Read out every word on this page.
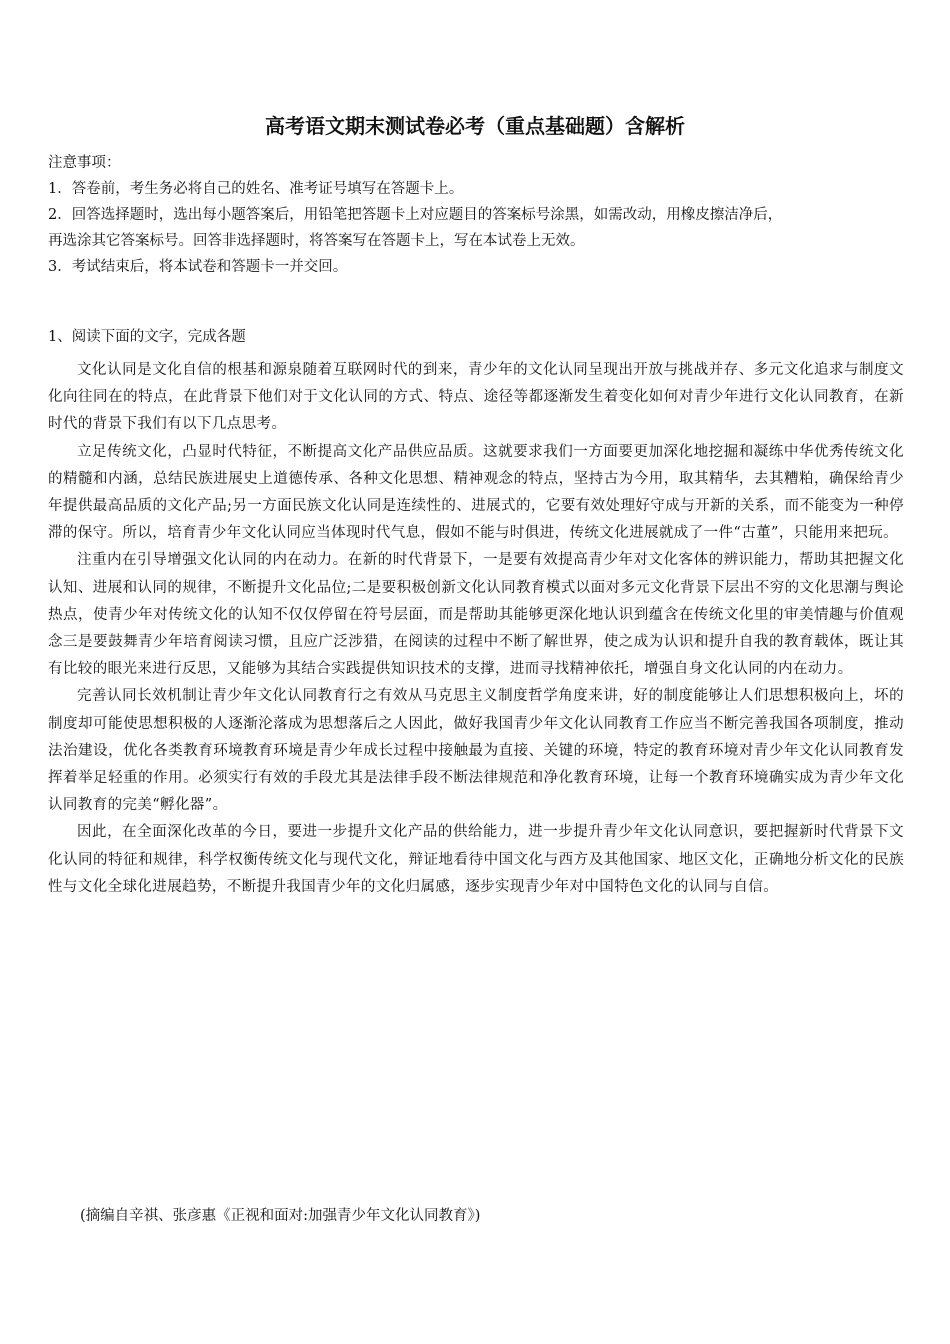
高考语文期末测试卷必考（重点基础题）含解析
注意事项：
1．答卷前，考生务必将自己的姓名、准考证号填写在答题卡上。
2．回答选择题时，选出每小题答案后，用铅笔把答题卡上对应题目的答案标号涂黑，如需改动，用橡皮擦洁净后，
再选涂其它答案标号。回答非选择题时，将答案写在答题卡上，写在本试卷上无效。
3．考试结束后，将本试卷和答题卡一并交回。
1、阅读下面的文字，完成各题

文化认同是文化自信的根基和源泉随着互联网时代的到来，青少年的文化认同呈现出开放与挑战并存、多元文化追求与制度文化向往同在的特点，在此背景下他们对于文化认同的方式、特点、途径等都逐渐发生着变化如何对青少年进行文化认同教育，在新时代的背景下我们有以下几点思考。

立足传统文化，凸显时代特征，不断提高文化产品供应品质。这就要求我们一方面要更加深化地挖掘和凝练中华优秀传统文化的精髓和内涵，总结民族进展史上道德传承、各种文化思想、精神观念的特点，坚持古为今用，取其精华，去其糟粕，确保给青少年提供最高品质的文化产品;另一方面民族文化认同是连续性的、进展式的，它要有效处理好守成与开新的关系，而不能变为一种停滞的保守。所以，培育青少年文化认同应当体现时代气息，假如不能与时俱进，传统文化进展就成了一件“古董”，只能用来把玩。

注重内在引导增强文化认同的内在动力。在新的时代背景下，一是要有效提高青少年对文化客体的辨识能力，帮助其把握文化认知、进展和认同的规律，不断提升文化品位;二是要积极创新文化认同教育模式以面对多元文化背景下层出不穷的文化思潮与舆论热点，使青少年对传统文化的认知不仅仅停留在符号层面，而是帮助其能够更深化地认识到蕴含在传统文化里的审美情趣与价值观念三是要鼓舞青少年培育阅读习惯，且应广泛涉猎，在阅读的过程中不断了解世界，使之成为认识和提升自我的教育载体，既让其有比较的眼光来进行反思，又能够为其结合实践提供知识技术的支撑，进而寻找精神依托，增强自身文化认同的内在动力。

完善认同长效机制让青少年文化认同教育行之有效从马克思主义制度哲学角度来讲，好的制度能够让人们思想积极向上，坏的制度却可能使思想积极的人逐渐沦落成为思想落后之人因此，做好我国青少年文化认同教育工作应当不断完善我国各项制度，推动法治建设，优化各类教育环境教育环境是青少年成长过程中接触最为直接、关键的环境，特定的教育环境对青少年文化认同教育发挥着举足轻重的作用。必须实行有效的手段尤其是法律手段不断法律规范和净化教育环境，让每一个教育环境确实成为青少年文化认同教育的完美“孵化器”。

因此，在全面深化改革的今日，要进一步提升文化产品的供给能力，进一步提升青少年文化认同意识，要把握新时代背景下文化认同的特征和规律，科学权衡传统文化与现代文化，辩证地看待中国文化与西方及其他国家、地区文化，正确地分析文化的民族性与文化全球化进展趋势，不断提升我国青少年的文化归属感，逐步实现青少年对中国特色文化的认同与自信。

(摘编自辛祺、张彦惠《正视和面对:加强青少年文化认同教育》)
